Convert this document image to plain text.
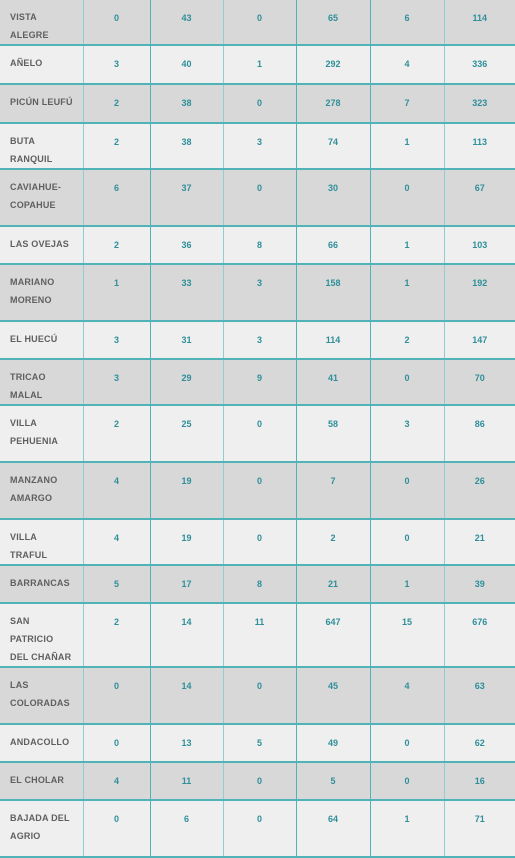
VISTA ALEGRE	0	43	0	65	6	114
AÑELO	3	40	1	292	4	336
PICÚN LEUFÚ	2	38	0	278	7	323
BUTA RANQUIL	2	38	3	74	1	113
CAVIAHUE-COPAHUE	6	37	0	30	0	67
LAS OVEJAS	2	36	8	66	1	103
MARIANO MORENO	1	33	3	158	1	192
EL HUECÚ	3	31	3	114	2	147
TRICAO MALAL	3	29	9	41	0	70
VILLA PEHUENIA	2	25	0	58	3	86
MANZANO AMARGO	4	19	0	7	0	26
VILLA TRAFUL	4	19	0	2	0	21
BARRANCAS	5	17	8	21	1	39
SAN PATRICIO DEL CHAÑAR	2	14	11	647	15	676
LAS COLORADAS	0	14	0	45	4	63
ANDACOLLO	0	13	5	49	0	62
EL CHOLAR	4	11	0	5	0	16
BAJADA DEL AGRIO	0	6	0	64	1	71
